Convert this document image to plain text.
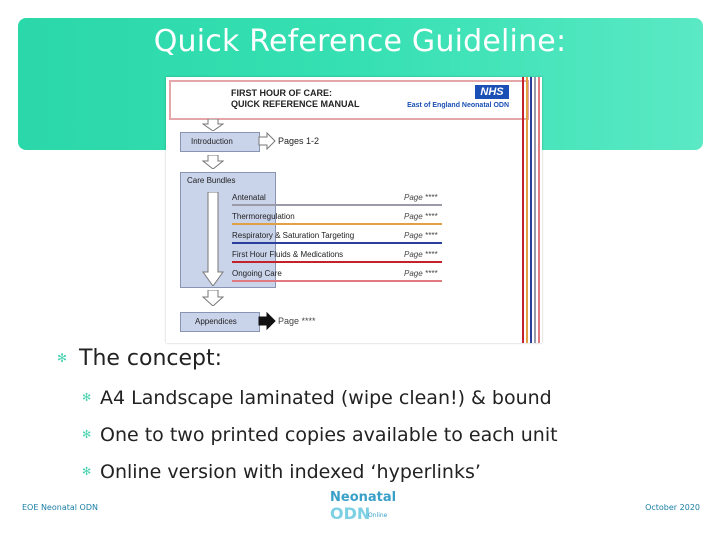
Quick Reference Guideline:
FIRST HOUR OF CARE:
QUICK REFERENCE MANUAL
NHS
East of England Neonatal ODN
Introduction	Pages 1-2
Care Bundles
Antenatal	Page ****
Thermoregulation	Page ****
Respiratory & Saturation Targeting	Page ****
First Hour Fluids & Medications	Page ****
Ongoing Care	Page ****
Appendices	Page ****
✻ The concept:
✻ A4 Landscape laminated (wipe clean!) & bound
✻ One to two printed copies available to each unit
✻ Online version with indexed ‘hyperlinks’
EOE Neonatal ODN	October 2020
Neonatal
ODN
Online
